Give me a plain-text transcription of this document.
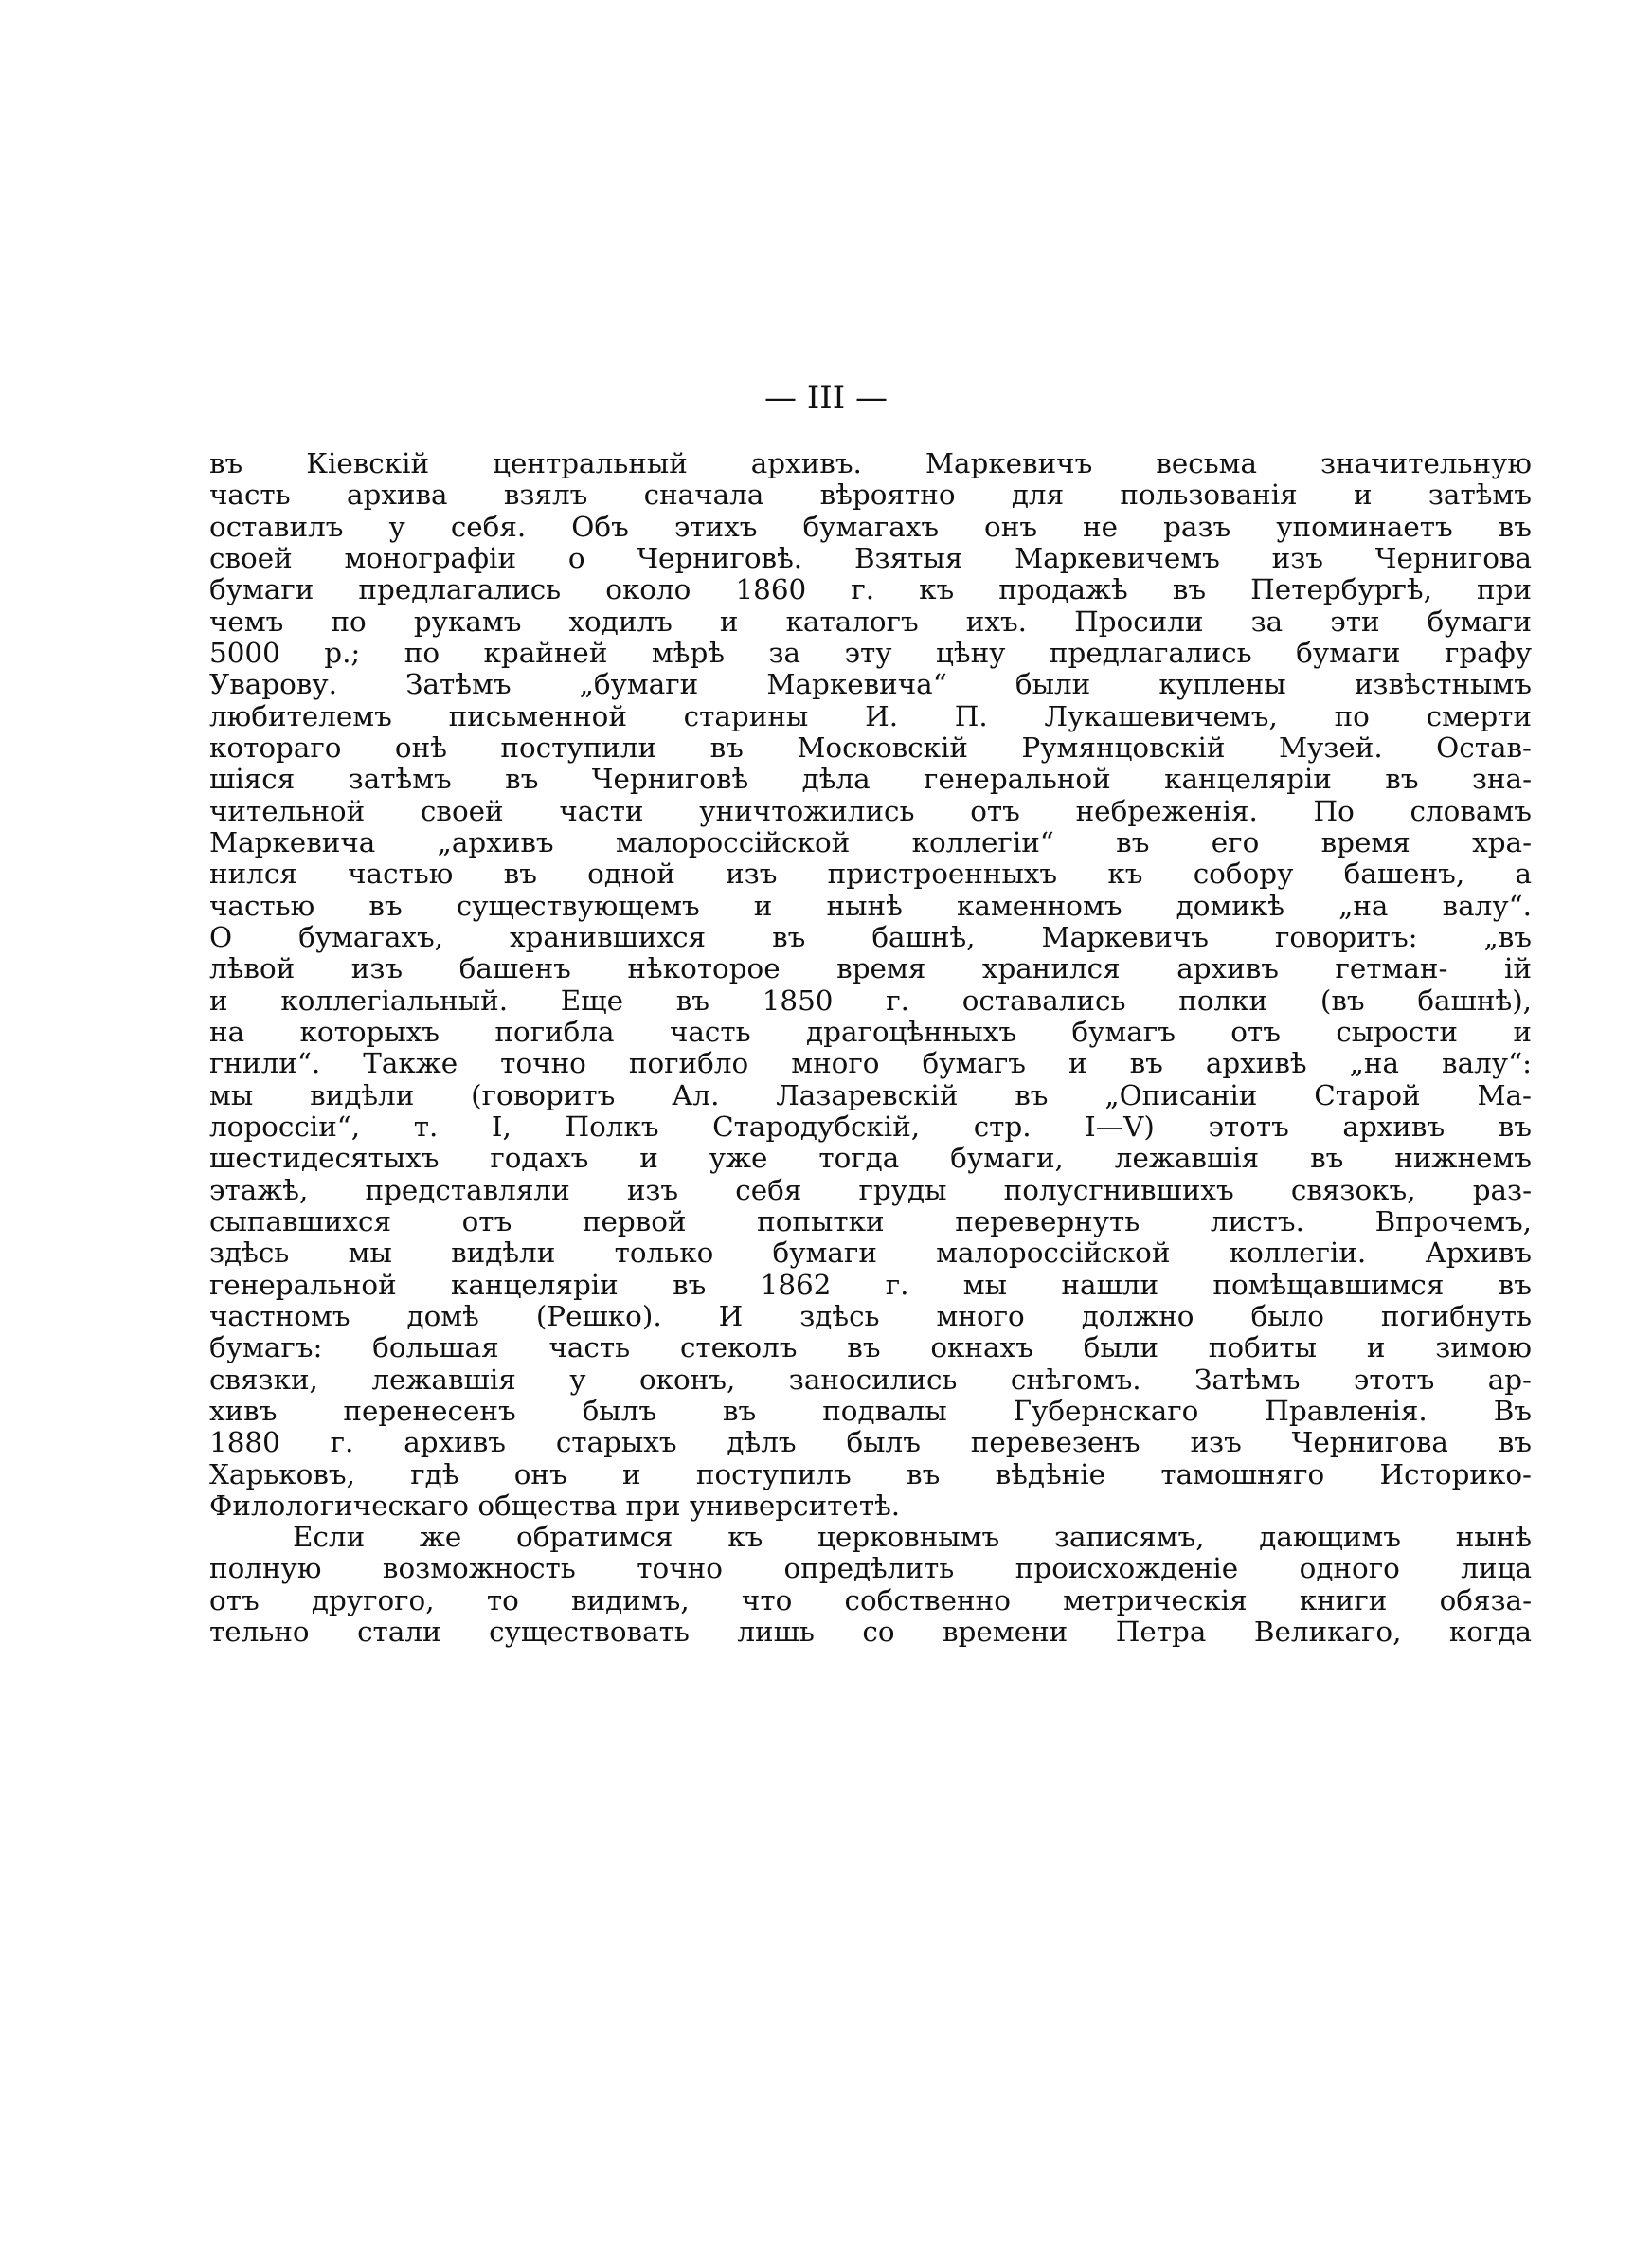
— III —

въ Кіевскій центральный архивъ. Маркевичъ весьма значительную

часть архива взялъ сначала вѣроятно для пользованія и затѣмъ

оставилъ у себя. Объ этихъ бумагахъ онъ не разъ упоминаетъ въ

своей монографіи о Черниговѣ. Взятыя Маркевичемъ изъ Чернигова

бумаги предлагались около 1860 г. къ продажѣ въ Петербургѣ, при

чемъ по рукамъ ходилъ и каталогъ ихъ. Просили за эти бумаги

5000 р.; по крайней мѣрѣ за эту цѣну предлагались бумаги графу

Уварову. Затѣмъ „бумаги Маркевича“ были куплены извѣстнымъ

любителемъ письменной старины И. П. Лукашевичемъ, по смерти

котораго онѣ поступили въ Московскій Румянцовскій Музей. Остав-

шіяся затѣмъ въ Черниговѣ дѣла генеральной канцеляріи въ зна-

чительной своей части уничтожились отъ небреженія. По словамъ

Маркевича „архивъ малороссійской коллегіи“ въ его время хра-

нился частью въ одной изъ пристроенныхъ къ собору башенъ, а

частью въ существующемъ и нынѣ каменномъ домикѣ „на валу“.

О бумагахъ, хранившихся въ башнѣ, Маркевичъ говоритъ: „въ

лѣвой изъ башенъ нѣкоторое время хранился архивъ гетман- ій

и коллегіальный. Еще въ 1850 г. оставались полки (въ башнѣ),

на которыхъ погибла часть драгоцѣнныхъ бумагъ отъ сырости и

гнили“. Также точно погибло много бумагъ и въ архивѣ „на валу“:

мы видѣли (говоритъ Ал. Лазаревскій въ „Описаніи Старой Ма-

лороссіи“, т. I, Полкъ Стародубскій, стр. I—V) этотъ архивъ въ

шестидесятыхъ годахъ и уже тогда бумаги, лежавшія въ нижнемъ

этажѣ, представляли изъ себя груды полусгнившихъ связокъ, раз-

сыпавшихся отъ первой попытки перевернуть листъ. Впрочемъ,

здѣсь мы видѣли только бумаги малороссійской коллегіи. Архивъ

генеральной канцеляріи въ 1862 г. мы нашли помѣщавшимся въ

частномъ домѣ (Решко). И здѣсь много должно было погибнуть

бумагъ: большая часть стеколъ въ окнахъ были побиты и зимою

связки, лежавшія у оконъ, заносились снѣгомъ. Затѣмъ этотъ ар-

хивъ перенесенъ былъ въ подвалы Губернскаго Правленія. Въ

1880 г. архивъ старыхъ дѣлъ былъ перевезенъ изъ Чернигова въ

Харьковъ, гдѣ онъ и поступилъ въ вѣдѣніе тамошняго Историко-

Филологическаго общества при университетѣ.

Если же обратимся къ церковнымъ записямъ, дающимъ нынѣ

полную возможность точно опредѣлить происхожденіе одного лица

отъ другого, то видимъ, что собственно метрическія книги обяза-

тельно стали существовать лишь со времени Петра Великаго, когда
